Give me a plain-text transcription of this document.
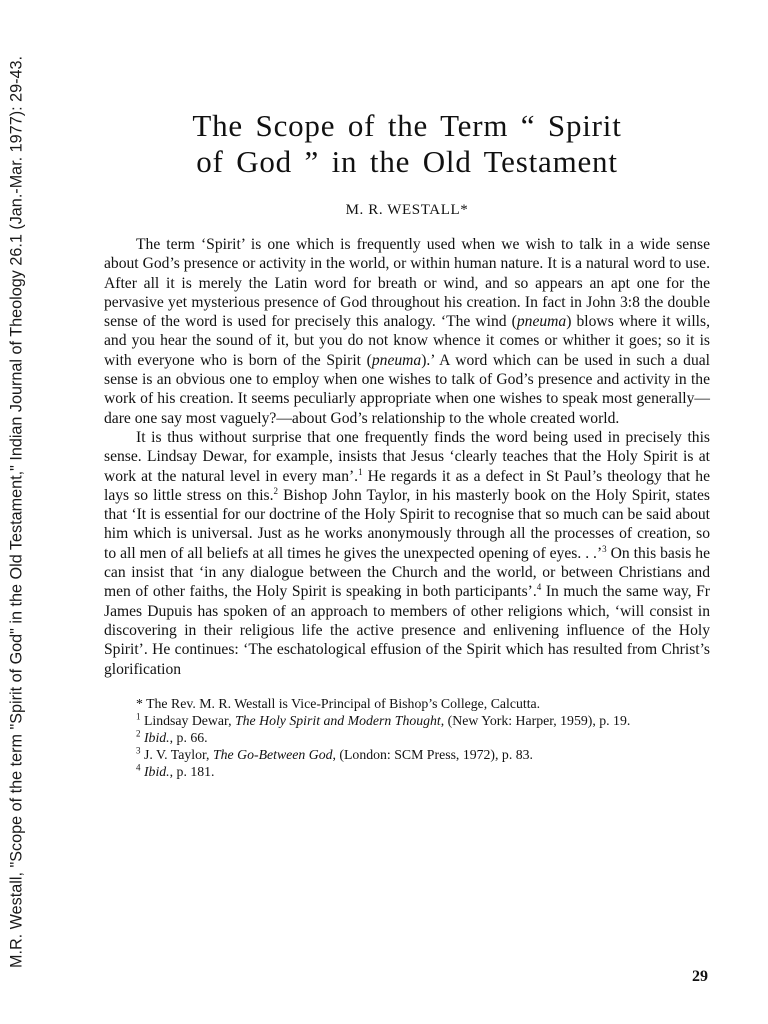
M.R. Westall, "Scope of the term "Spirit of God" in the Old Testament," Indian Journal of Theology 26.1 (Jan.-Mar. 1977): 29-43.	The Scope of the Term “ Spirit
of God ” in the Old Testament
M. R. WESTALL*

The term ‘Spirit’ is one which is frequently used when we wish to talk in a wide sense about God’s presence or activity in the world, or within human nature. It is a natural word to use. After all it is merely the Latin word for breath or wind, and so appears an apt one for the pervasive yet mysterious presence of God throughout his creation. In fact in John 3:8 the double sense of the word is used for precisely this analogy. ‘The wind (pneuma) blows where it wills, and you hear the sound of it, but you do not know whence it comes or whither it goes; so it is with everyone who is born of the Spirit (pneuma).’ A word which can be used in such a dual sense is an obvious one to employ when one wishes to talk of God’s presence and activity in the work of his creation. It seems peculiarly appropriate when one wishes to speak most generally—dare one say most vaguely?—about God’s relationship to the whole created world.

It is thus without surprise that one frequently finds the word being used in precisely this sense. Lindsay Dewar, for example, insists that Jesus ‘clearly teaches that the Holy Spirit is at work at the natural level in every man’.$^1$ He regards it as a defect in St Paul’s theology that he lays so little stress on this.$^2$ Bishop John Taylor, in his masterly book on the Holy Spirit, states that ‘It is essential for our doctrine of the Holy Spirit to recognise that so much can be said about him which is universal. Just as he works anonymously through all the processes of creation, so to all men of all beliefs at all times he gives the unexpected opening of eyes. . .’$^3$ On this basis he can insist that ‘in any dialogue between the Church and the world, or between Christians and men of other faiths, the Holy Spirit is speaking in both participants’.$^4$ In much the same way, Fr James Dupuis has spoken of an approach to members of other religions which, ‘will consist in discovering in their religious life the active presence and enlivening influence of the Holy Spirit’. He continues: ‘The eschatological effusion of the Spirit which has resulted from Christ’s glorification

* The Rev. M. R. Westall is Vice-Principal of Bishop’s College, Calcutta.

$^1$ Lindsay Dewar, The Holy Spirit and Modern Thought, (New York: Harper, 1959), p. 19.

$^2$ Ibid., p. 66.

$^3$ J. V. Taylor, The Go-Between God, (London: SCM Press, 1972), p. 83.

$^4$ Ibid., p. 181.

29
